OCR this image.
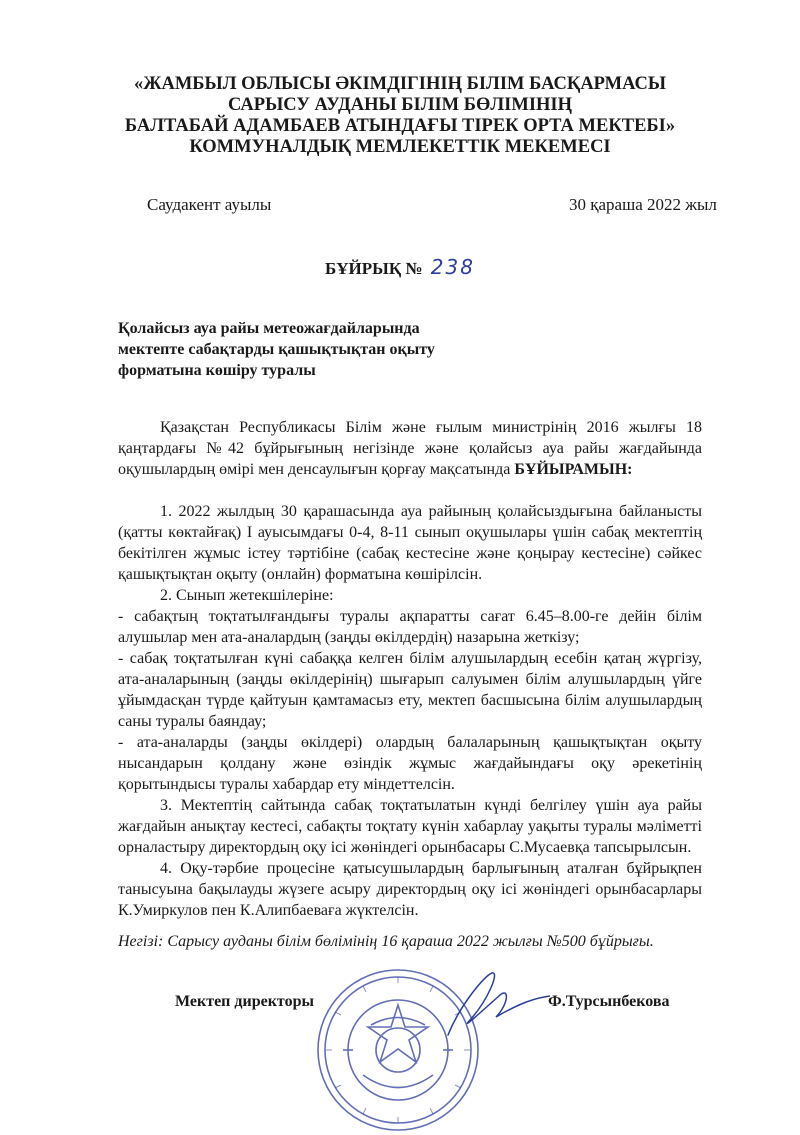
«ЖАМБЫЛ ОБЛЫСЫ ӘКІМДІГІНІҢ БІЛІМ БАСҚАРМАСЫ
САРЫСУ АУДАНЫ БІЛІМ БӨЛІМІНІҢ
БАЛТАБАЙ АДАМБАЕВ АТЫНДАҒЫ ТІРЕК ОРТА МЕКТЕБІ»
КОММУНАЛДЫҚ МЕМЛЕКЕТТІК МЕКЕМЕСІ
Саудакент ауылы	30 қараша 2022 жыл
БҰЙРЫҚ № 238
Қолайсыз ауа райы метеожағдайларында
мектепте сабақтарды қашықтықтан оқыту
форматына көшіру туралы
Қазақстан Республикасы Білім және ғылым министрінің 2016 жылғы 18 қаңтардағы №42 бұйрығының негізінде және қолайсыз ауа райы жағдайында оқушылардың өмірі мен денсаулығын қорғау мақсатында БҰЙЫРАМЫН:
1. 2022 жылдың 30 қарашасында ауа райының қолайсыздығына байланысты (қатты көктайғақ) I ауысымдағы 0-4, 8-11 сынып оқушылары үшін сабақ мектептің бекітілген жұмыс істеу тәртібіне (сабақ кестесіне және қоңырау кестесіне) сәйкес қашықтықтан оқыту (онлайн) форматына көшірілсін.
2. Сынып жетекшілеріне:
- сабақтың тоқтатылғандығы туралы ақпаратты сағат 6.45–8.00-ге дейін білім алушылар мен ата-аналардың (заңды өкілдердің) назарына жеткізу;
- сабақ тоқтатылған күні сабаққа келген білім алушылардың есебін қатаң жүргізу, ата-аналарының (заңды өкілдерінің) шығарып салуымен білім алушылардың үйге ұйымдасқан түрде қайтуын қамтамасыз ету, мектеп басшысына білім алушылардың саны туралы баяндау;
- ата-аналарды (заңды өкілдері) олардың балаларының қашықтықтан оқыту нысандарын қолдану және өзіндік жұмыс жағдайындағы оқу әрекетінің қорытындысы туралы хабардар ету міндеттелсін.
3. Мектептің сайтында сабақ тоқтатылатын күнді белгілеу үшін ауа райы жағдайын анықтау кестесі, сабақты тоқтату күнін хабарлау уақыты туралы мәліметті орналастыру директордың оқу ісі жөніндегі орынбасары С.Мусаевқа тапсырылсын.
4. Оқу-тәрбие процесіне қатысушылардың барлығының аталған бұйрықпен танысуына бақылауды жүзеге асыру директордың оқу ісі жөніндегі орынбасарлары К.Умиркулов пен К.Алипбаеваға жүктелсін.
Негізі: Сарысу ауданы білім бөлімінің 16 қараша 2022 жылғы №500 бұйрығы.
Мектеп директоры	Ф.Турсынбекова
